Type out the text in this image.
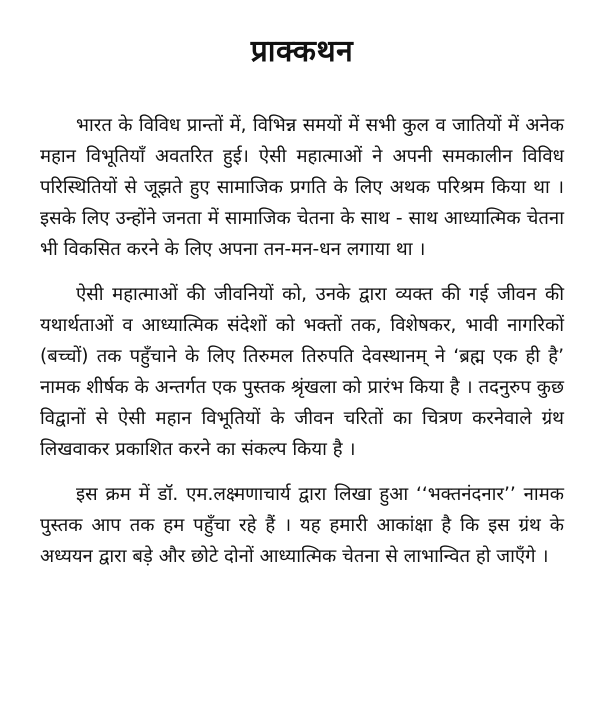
प्राक्कथन

भारत के विविध प्रान्तों में, विभिन्न समयों में सभी कुल व जातियों में अनेक महान विभूतियाँ अवतरित हुई। ऐसी महात्माओं ने अपनी समकालीन विविध परिस्थितियों से जूझते हुए सामाजिक प्रगति के लिए अथक परिश्रम किया था । इसके लिए उन्होंने जनता में सामाजिक चेतना के साथ - साथ आध्यात्मिक चेतना भी विकसित करने के लिए अपना तन-मन-धन लगाया था ।

ऐसी महात्माओं की जीवनियों को, उनके द्वारा व्यक्त की गई जीवन की यथार्थताओं व आध्यात्मिक संदेशों को भक्तों तक, विशेषकर, भावी नागरिकों (बच्चों) तक पहुँचाने के लिए तिरुमल तिरुपति देवस्थानम् ने ‘ब्रह्म एक ही है’ नामक शीर्षक के अन्तर्गत एक पुस्तक श्रृंखला को प्रारंभ किया है । तदनुरुप कुछ विद्वानों से ऐसी महान विभूतियों के जीवन चरितों का चित्रण करनेवाले ग्रंथ लिखवाकर प्रकाशित करने का संकल्प किया है ।

इस क्रम में डॉ. एम.लक्ष्मणाचार्य द्वारा लिखा हुआ ‘‘भक्तनंदनार’’ नामक पुस्तक आप तक हम पहुँचा रहे हैं । यह हमारी आकांक्षा है कि इस ग्रंथ के अध्ययन द्वारा बड़े और छोटे दोनों आध्यात्मिक चेतना से लाभान्वित हो जाएँगे ।
